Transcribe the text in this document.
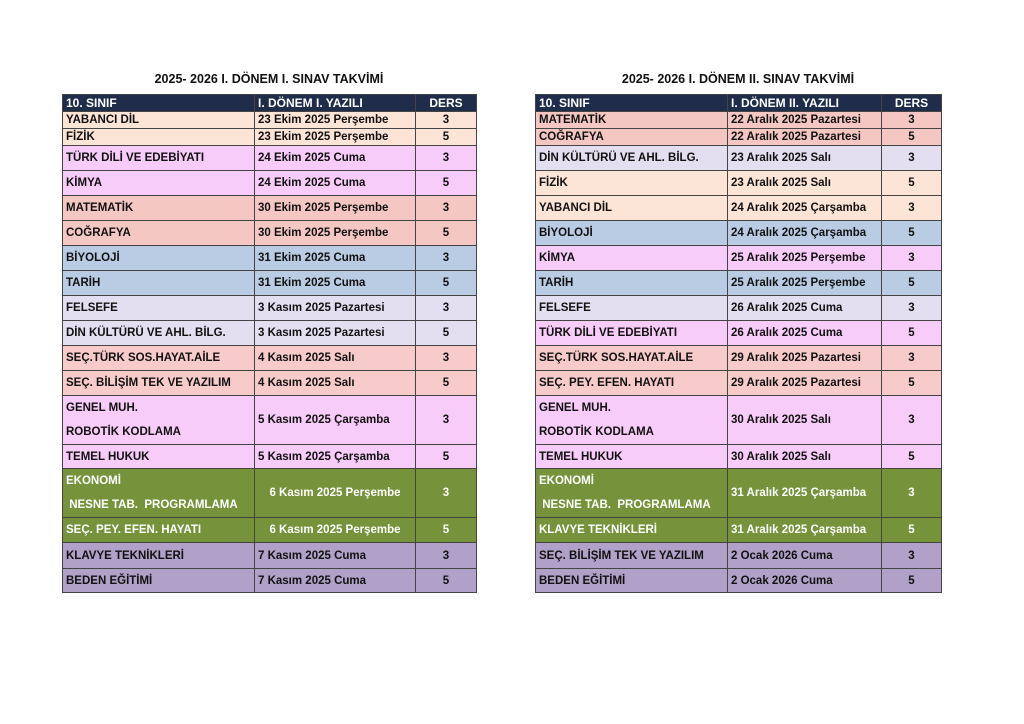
2025- 2026 I. DÖNEM I. SINAV TAKVİMİ	2025- 2026 I. DÖNEM II. SINAV TAKVİMİ
10. SINIF	I. DÖNEM I. YAZILI	DERS
YABANCI DİL	23 Ekim 2025 Perşembe	3
FİZİK	23 Ekim 2025 Perşembe	5
TÜRK DİLİ VE EDEBİYATI	24 Ekim 2025 Cuma	3
KİMYA	24 Ekim 2025 Cuma	5
MATEMATİK	30 Ekim 2025 Perşembe	3
COĞRAFYA	30 Ekim 2025 Perşembe	5
BİYOLOJİ	31 Ekim 2025 Cuma	3
TARİH	31 Ekim 2025 Cuma	5
FELSEFE	3 Kasım 2025 Pazartesi	3
DİN KÜLTÜRÜ VE AHL. BİLG.	3 Kasım 2025 Pazartesi	5
SEÇ.TÜRK SOS.HAYAT.AİLE	4 Kasım 2025 Salı	3
SEÇ. BİLİŞİM TEK VE YAZILIM	4 Kasım 2025 Salı	5

GENEL MUH.
ROBOTİK KODLAMA	5 Kasım 2025 Çarşamba	3
TEMEL HUKUK	5 Kasım 2025 Çarşamba	5

EKONOMİ
NESNE TAB.  PROGRAMLAMA	6 Kasım 2025 Perşembe	3
SEÇ. PEY. EFEN. HAYATI	6 Kasım 2025 Perşembe	5
KLAVYE TEKNİKLERİ	7 Kasım 2025 Cuma	3
BEDEN EĞİTİMİ	7 Kasım 2025 Cuma	5
10. SINIF	I. DÖNEM II. YAZILI	DERS
MATEMATİK	22 Aralık 2025 Pazartesi	3
COĞRAFYA	22 Aralık 2025 Pazartesi	5
DİN KÜLTÜRÜ VE AHL. BİLG.	23 Aralık 2025 Salı	3
FİZİK	23 Aralık 2025 Salı	5
YABANCI DİL	24 Aralık 2025 Çarşamba	3
BİYOLOJİ	24 Aralık 2025 Çarşamba	5
KİMYA	25 Aralık 2025 Perşembe	3
TARİH	25 Aralık 2025 Perşembe	5
FELSEFE	26 Aralık 2025 Cuma	3
TÜRK DİLİ VE EDEBİYATI	26 Aralık 2025 Cuma	5
SEÇ.TÜRK SOS.HAYAT.AİLE	29 Aralık 2025 Pazartesi	3
SEÇ. PEY. EFEN. HAYATI	29 Aralık 2025 Pazartesi	5

GENEL MUH.
ROBOTİK KODLAMA	30 Aralık 2025 Salı	3
TEMEL HUKUK	30 Aralık 2025 Salı	5

EKONOMİ
NESNE TAB.  PROGRAMLAMA	31 Aralık 2025 Çarşamba	3
KLAVYE TEKNİKLERİ	31 Aralık 2025 Çarşamba	5
SEÇ. BİLİŞİM TEK VE YAZILIM	2 Ocak 2026 Cuma	3
BEDEN EĞİTİMİ	2 Ocak 2026 Cuma	5
